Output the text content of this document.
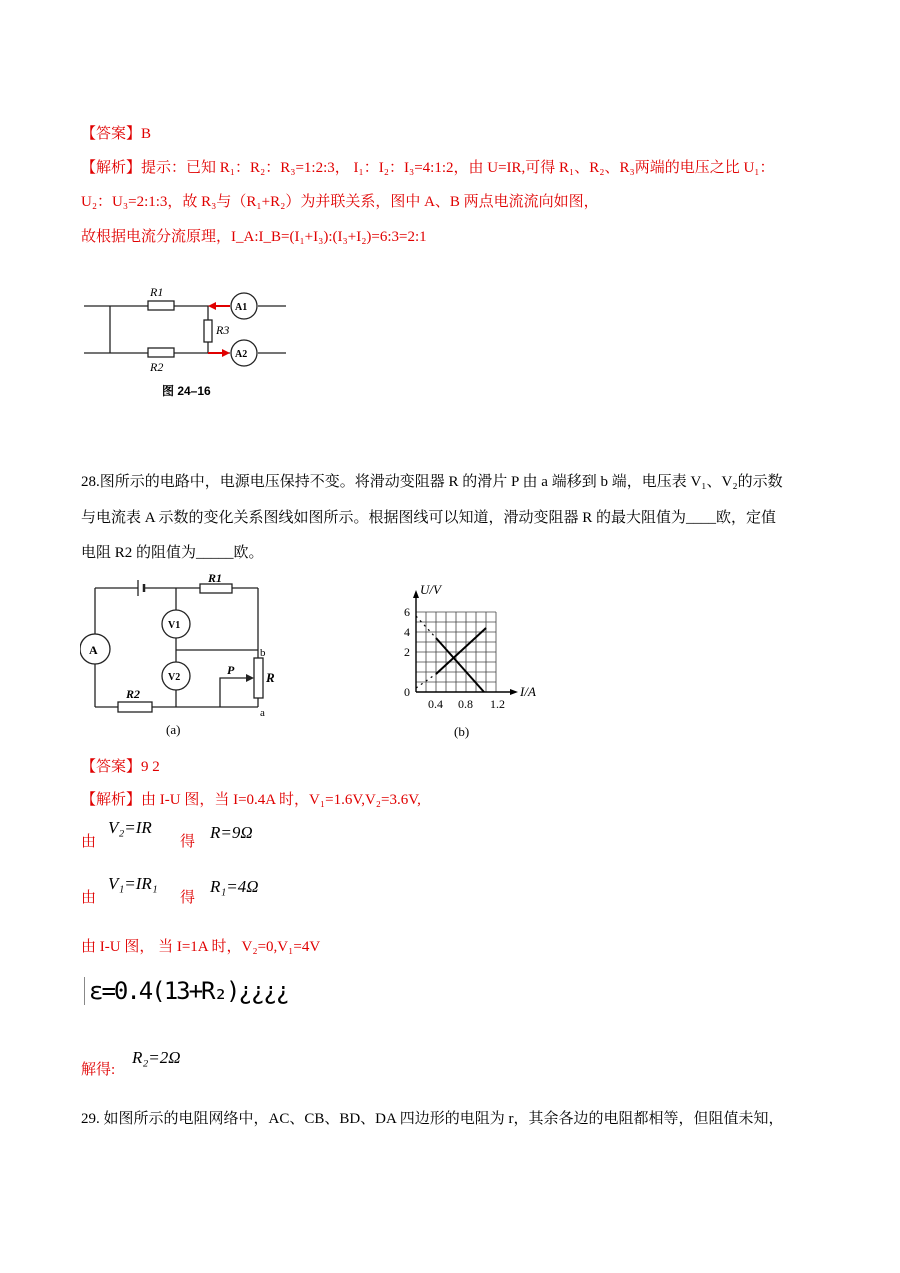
【答案】B
【解析】提示：已知 R₁：R₂：R₃=1:2:3， I₁：I₂：I₃=4:1:2，由 U=IR,可得 R₁、R₂、R₃两端的电压之比 U₁：
U₂：U₃=2:1:3，故 R₃与（R₁+R₂）为并联关系，图中 A、B 两点电流流向如图，
故根据电流分流原理，I_A:I_B=(I₁+I₃):(I₃+I₂)=6:3=2:1
R1
R3
R2
A1
A2
图 24–16
28.图所示的电路中，电源电压保持不变。将滑动变阻器 R 的滑片 P 由 a 端移到 b 端，电压表 V₁、V₂的示数
与电流表 A 示数的变化关系图线如图所示。根据图线可以知道，滑动变阻器 R 的最大阻值为____欧，定值
电阻 R2 的阻值为_____欧。
A
V1
V2
R1
R2
R
P
b
a
(a)
U/V
I/A
6
4
2
0
0.4 0.8 1.2
(b)
【答案】9 2
【解析】由 I-U 图，当 I=0.4A 时，V₁=1.6V,V₂=3.6V,
由
V₂=IR
得 R=9Ω
由
V₁=IR₁
得
R₁=4Ω
由 I-U 图， 当 I=1A 时，V₂=0,V₁=4V
ε=0.4(13+R₂)¿¿¿¿
解得:
R₂=2Ω
29. 如图所示的电阻网络中，AC、CB、BD、DA 四边形的电阻为 r，其余各边的电阻都相等，但阻值未知，
